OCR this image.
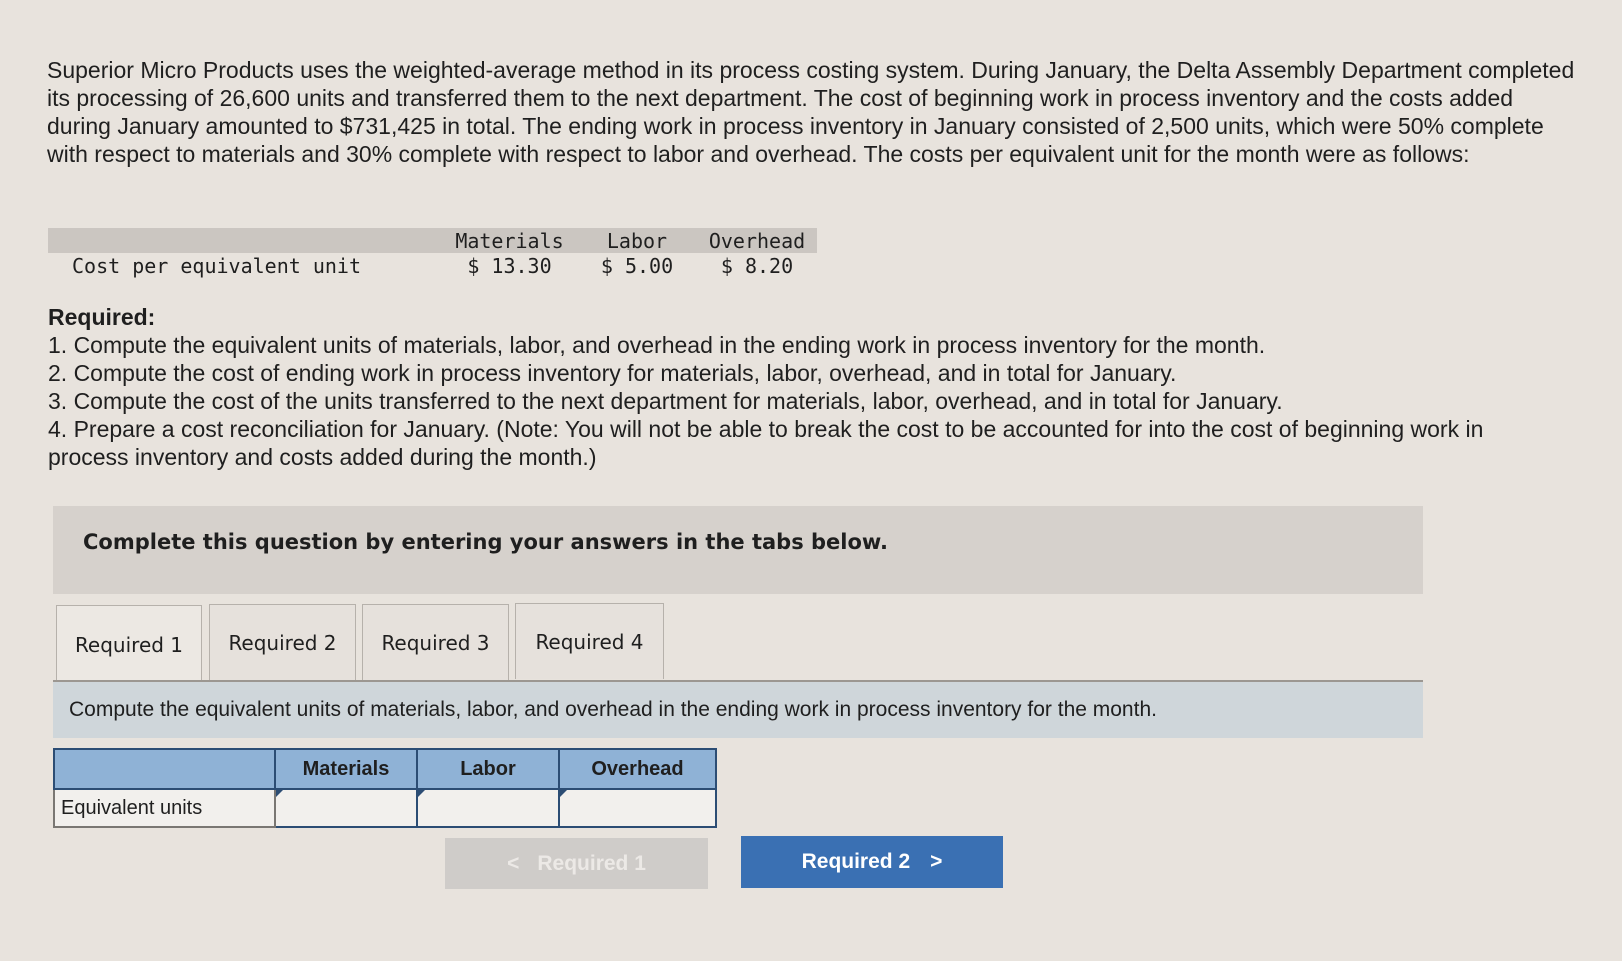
Superior Micro Products uses the weighted-average method in its process costing system. During January, the Delta Assembly Department completed its processing of 26,600 units and transferred them to the next department. The cost of beginning work in process inventory and the costs added during January amounted to $731,425 in total. The ending work in process inventory in January consisted of 2,500 units, which were 50% complete with respect to materials and 30% complete with respect to labor and overhead. The costs per equivalent unit for the month were as follows:
	Materials	Labor	Overhead
Cost per equivalent unit	$ 13.30	$ 5.00	$ 8.20
Required:
1. Compute the equivalent units of materials, labor, and overhead in the ending work in process inventory for the month.
2. Compute the cost of ending work in process inventory for materials, labor, overhead, and in total for January.
3. Compute the cost of the units transferred to the next department for materials, labor, overhead, and in total for January.
4. Prepare a cost reconciliation for January. (Note: You will not be able to break the cost to be accounted for into the cost of beginning work in process inventory and costs added during the month.)
Complete this question by entering your answers in the tabs below.
Required 1 Required 2 Required 3 Required 4
Compute the equivalent units of materials, labor, and overhead in the ending work in process inventory for the month.
	Materials	Labor	Overhead
Equivalent units	

< Required 1	Required 2 >
